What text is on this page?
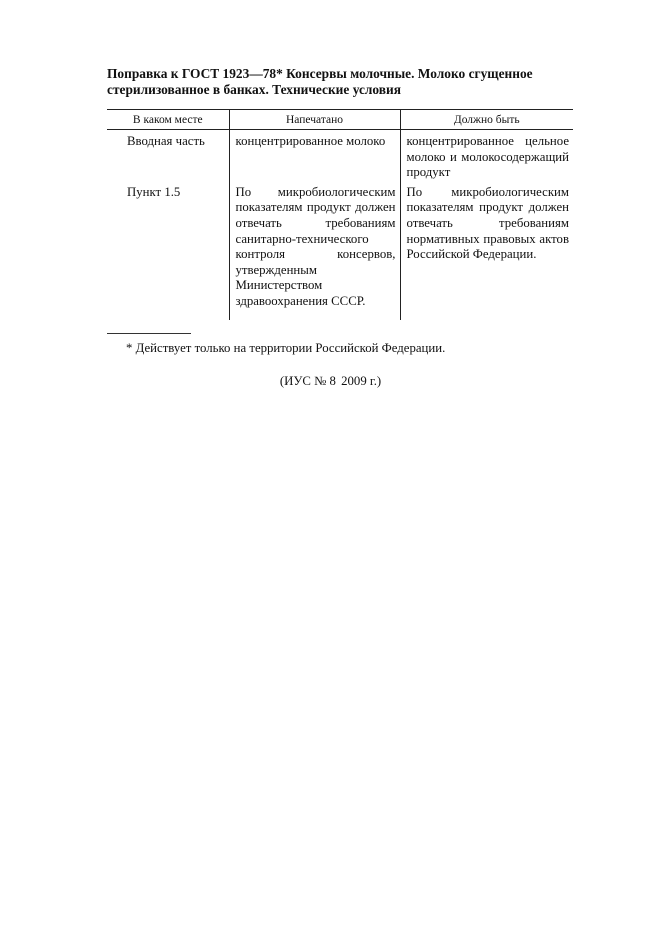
Поправка к ГОСТ 1923—78* Консервы молочные. Молоко сгущенное стерилизованное в банках. Технические условия

В каком месте	Напечатано	Должно быть
Вводная часть	концентрированное молоко	концентрированное цельное молоко и молокосодержащий продукт
Пункт 1.5	По микробиологическим показателям продукт должен отвечать требованиям санитарно-технического контроля консервов, утвержденным Министерством здравоохранения СССР.	По микробиологическим показателям продукт должен отвечать требованиям нормативных правовых актов Российской Федерации.

* Действует только на территории Российской Федерации.

(ИУС № 8 2009 г.)
